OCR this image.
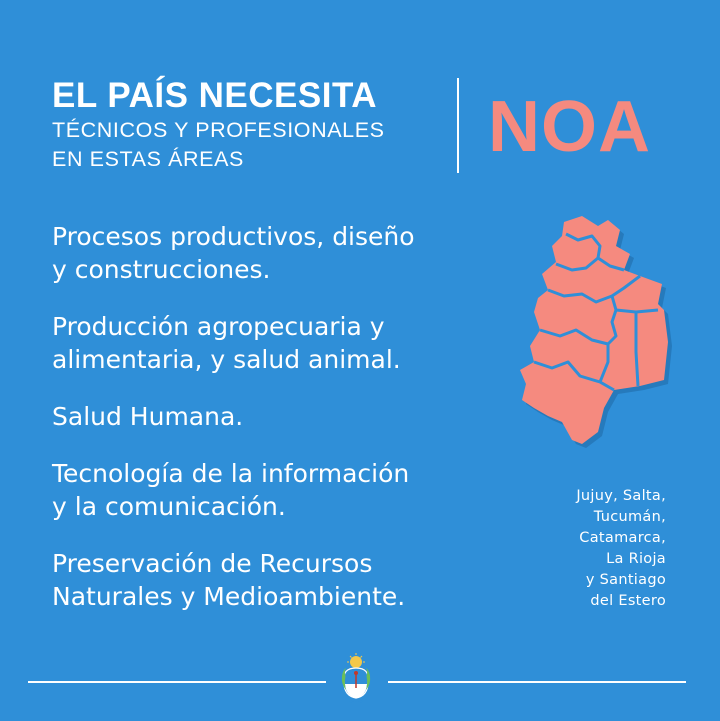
EL PAÍS NECESITA

TÉCNICOS Y PROFESIONALES

EN ESTAS ÁREAS	NOA
Procesos productivos, diseño
y construcciones.
Producción agropecuaria y
alimentaria, y salud animal.
Salud Humana.
Tecnología de la información
y la comunicación.
Preservación de Recursos
Naturales y Medioambiente.
Jujuy, Salta,
Tucumán,
Catamarca,
La Rioja
y Santiago
del Estero
